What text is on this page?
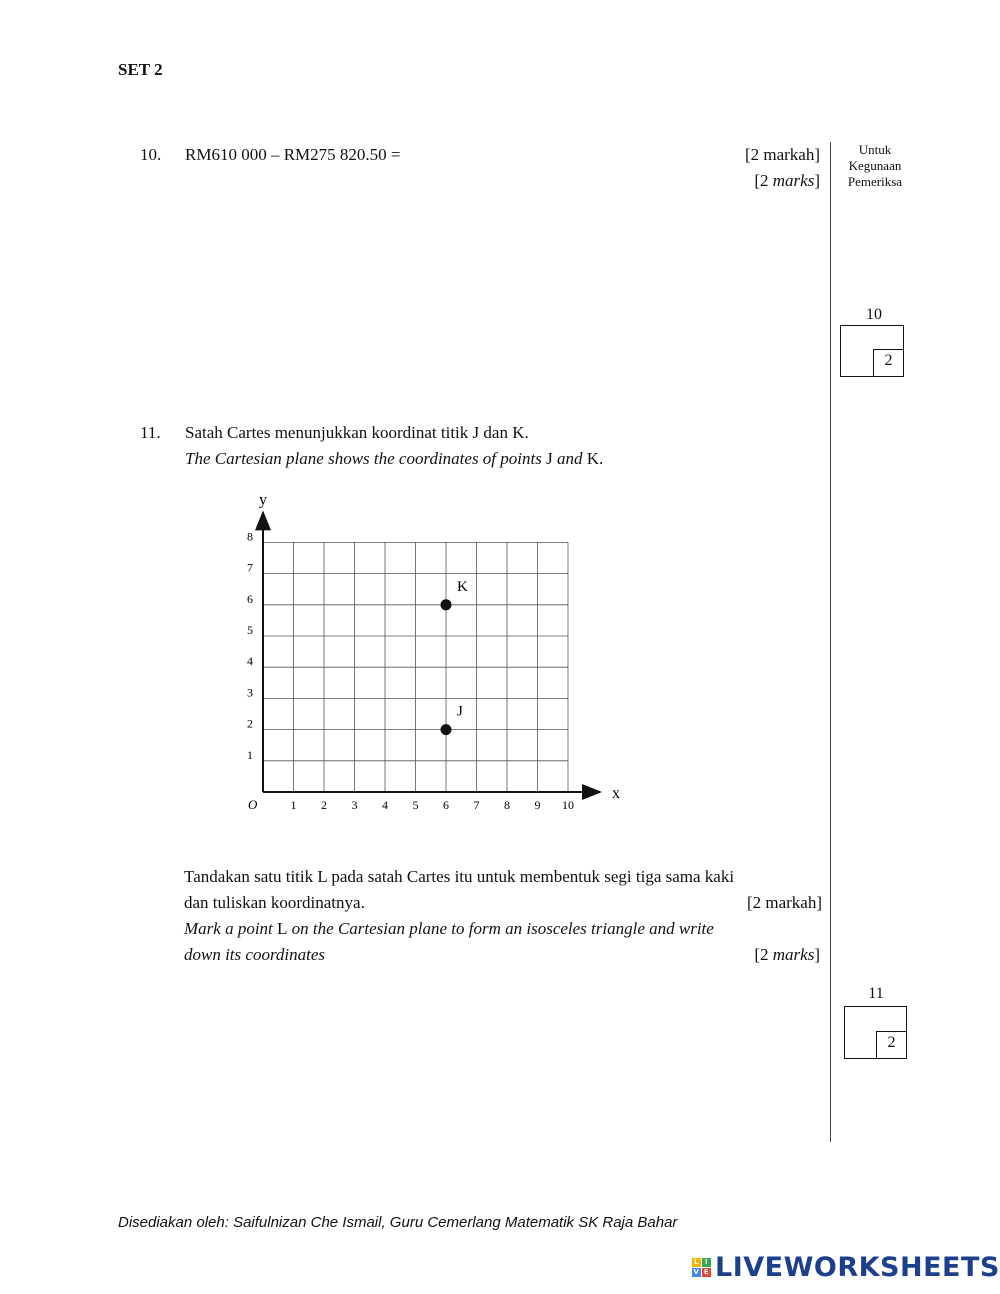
SET 2
Untuk
Kegunaan
Pemeriksa
10. RM610 000 – RM275 820.50 =	[2 markah]
[2 marks]
10
2
11. Satah Cartes menunjukkan koordinat titik J dan K.
The Cartesian plane shows the coordinates of points J and K.
x
y
O	1 2 3 4 5 6 7 8 9 10
1
2
3
4
5
6
7
8
K
J
Tandakan satu titik L pada satah Cartes itu untuk membentuk segi tiga sama kaki
dan tuliskan koordinatnya.	[2 markah]
Mark a point L on the Cartesian plane to form an isosceles triangle and write
down its coordinates	[2 marks]
11
2
Disediakan oleh: Saifulnizan Che Ismail, Guru Cemerlang Matematik SK Raja Bahar
L I
V E LIVEWORKSHEETS
